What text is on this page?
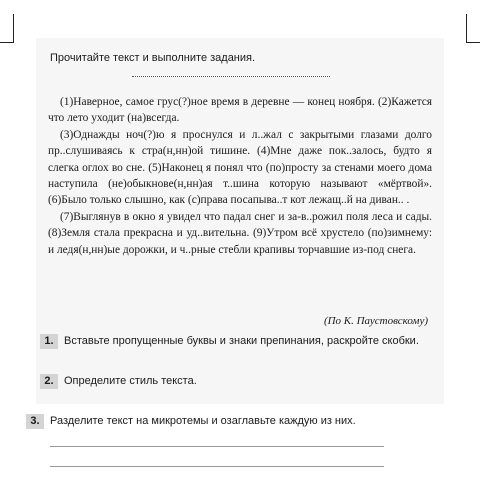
Прочитайте текст и выполните задания.

(1)Наверное, самое грус(?)ное время в деревне — конец ноября. (2)Кажется что лето уходит (на)всегда.

(3)Однажды ноч(?)ю я проснулся и л..жал с закрытыми глазами долго пр..слушиваясь к стра(н,нн)ой тишине. (4)Мне даже пок..залось, будто я слегка оглох во сне. (5)Наконец я понял что (по)просту за стенами моего дома наступила (не)обыкнове(н,нн)ая т..шина которую называют «мёртвой». (6)Было только слышно, как (с)права посапыва..т кот лежащ..й на диван.. .

(7)Выглянув в окно я увидел что падал снег и за-в..рожил поля леса и сады. (8)Земля стала прекрасна и уд..вительна. (9)Утром всё хрустело (по)зимнему: и ледя(н,нн)ые дорожки, и ч..рные стебли крапивы торчавшие из-под снега.

(По К. Паустовскому)
1. Вставьте пропущенные буквы и знаки препинания, раскройте скобки.
2. Определите стиль текста.
3. Разделите текст на микротемы и озаглавьте каждую из них.
